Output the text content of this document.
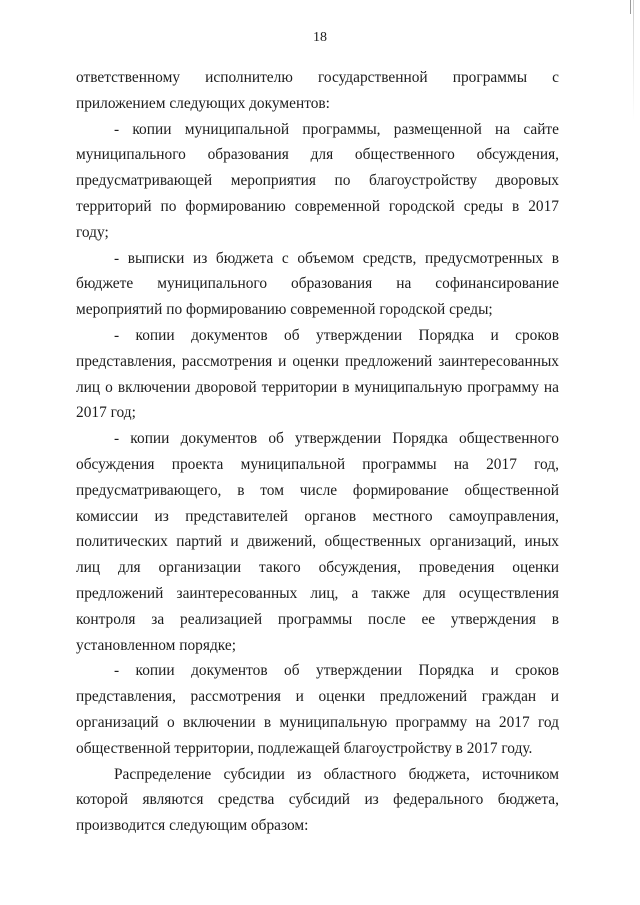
18

ответственному исполнителю государственной программы с приложением следующих документов:

- копии муниципальной программы, размещенной на сайте муниципального образования для общественного обсуждения, предусматривающей мероприятия по благоустройству дворовых территорий по формированию современной городской среды в 2017 году;

- выписки из бюджета с объемом средств, предусмотренных в бюджете муниципального образования на софинансирование мероприятий по формированию современной городской среды;

- копии документов об утверждении Порядка и сроков представления, рассмотрения и оценки предложений заинтересованных лиц о включении дворовой территории в муниципальную программу на 2017 год;

- копии документов об утверждении Порядка общественного обсуждения проекта муниципальной программы на 2017 год, предусматривающего, в том числе формирование общественной комиссии из представителей органов местного самоуправления, политических партий и движений, общественных организаций, иных лиц для организации такого обсуждения, проведения оценки предложений заинтересованных лиц, а также для осуществления контроля за реализацией программы после ее утверждения в установленном порядке;

- копии документов об утверждении Порядка и сроков представления, рассмотрения и оценки предложений граждан и организаций о включении в муниципальную программу на 2017 год общественной территории, подлежащей благоустройству в 2017 году.

Распределение субсидии из областного бюджета, источником которой являются средства субсидий из федерального бюджета, производится следующим образом:
